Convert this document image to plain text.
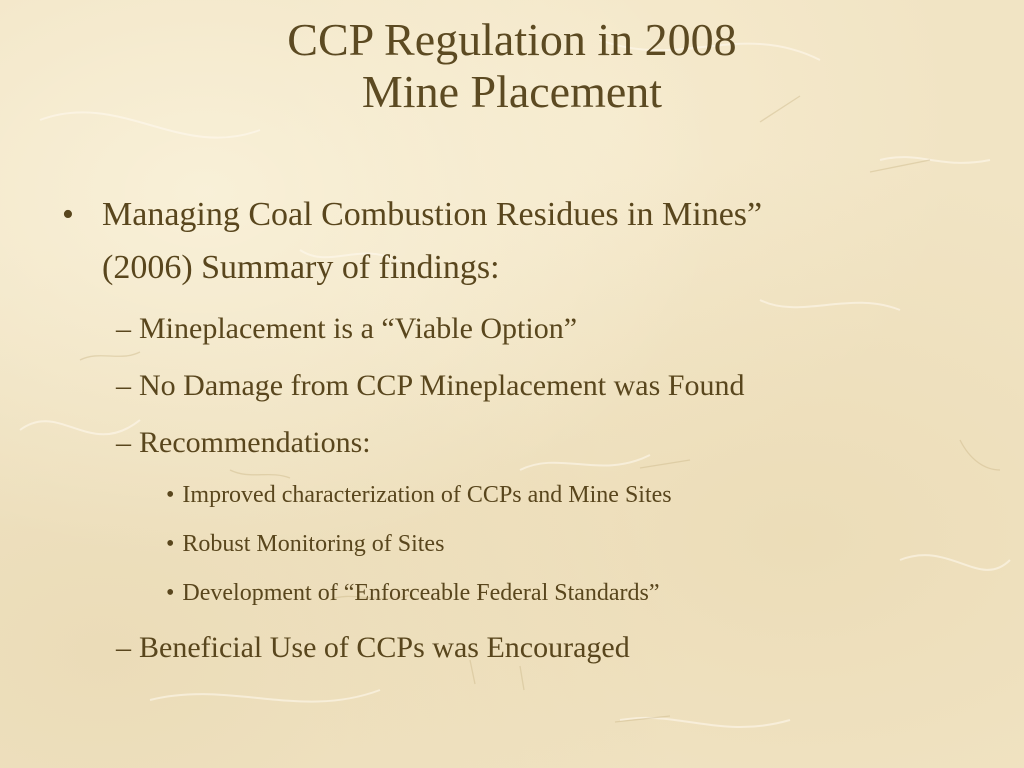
CCP Regulation in 2008
Mine Placement
• Managing Coal Combustion Residues in Mines”
(2006) Summary of findings:
– Mineplacement is a “Viable Option”
– No Damage from CCP Mineplacement was Found
– Recommendations:
• Improved characterization of CCPs and Mine Sites
• Robust Monitoring of Sites
• Development of “Enforceable Federal Standards”
– Beneficial Use of CCPs was Encouraged
